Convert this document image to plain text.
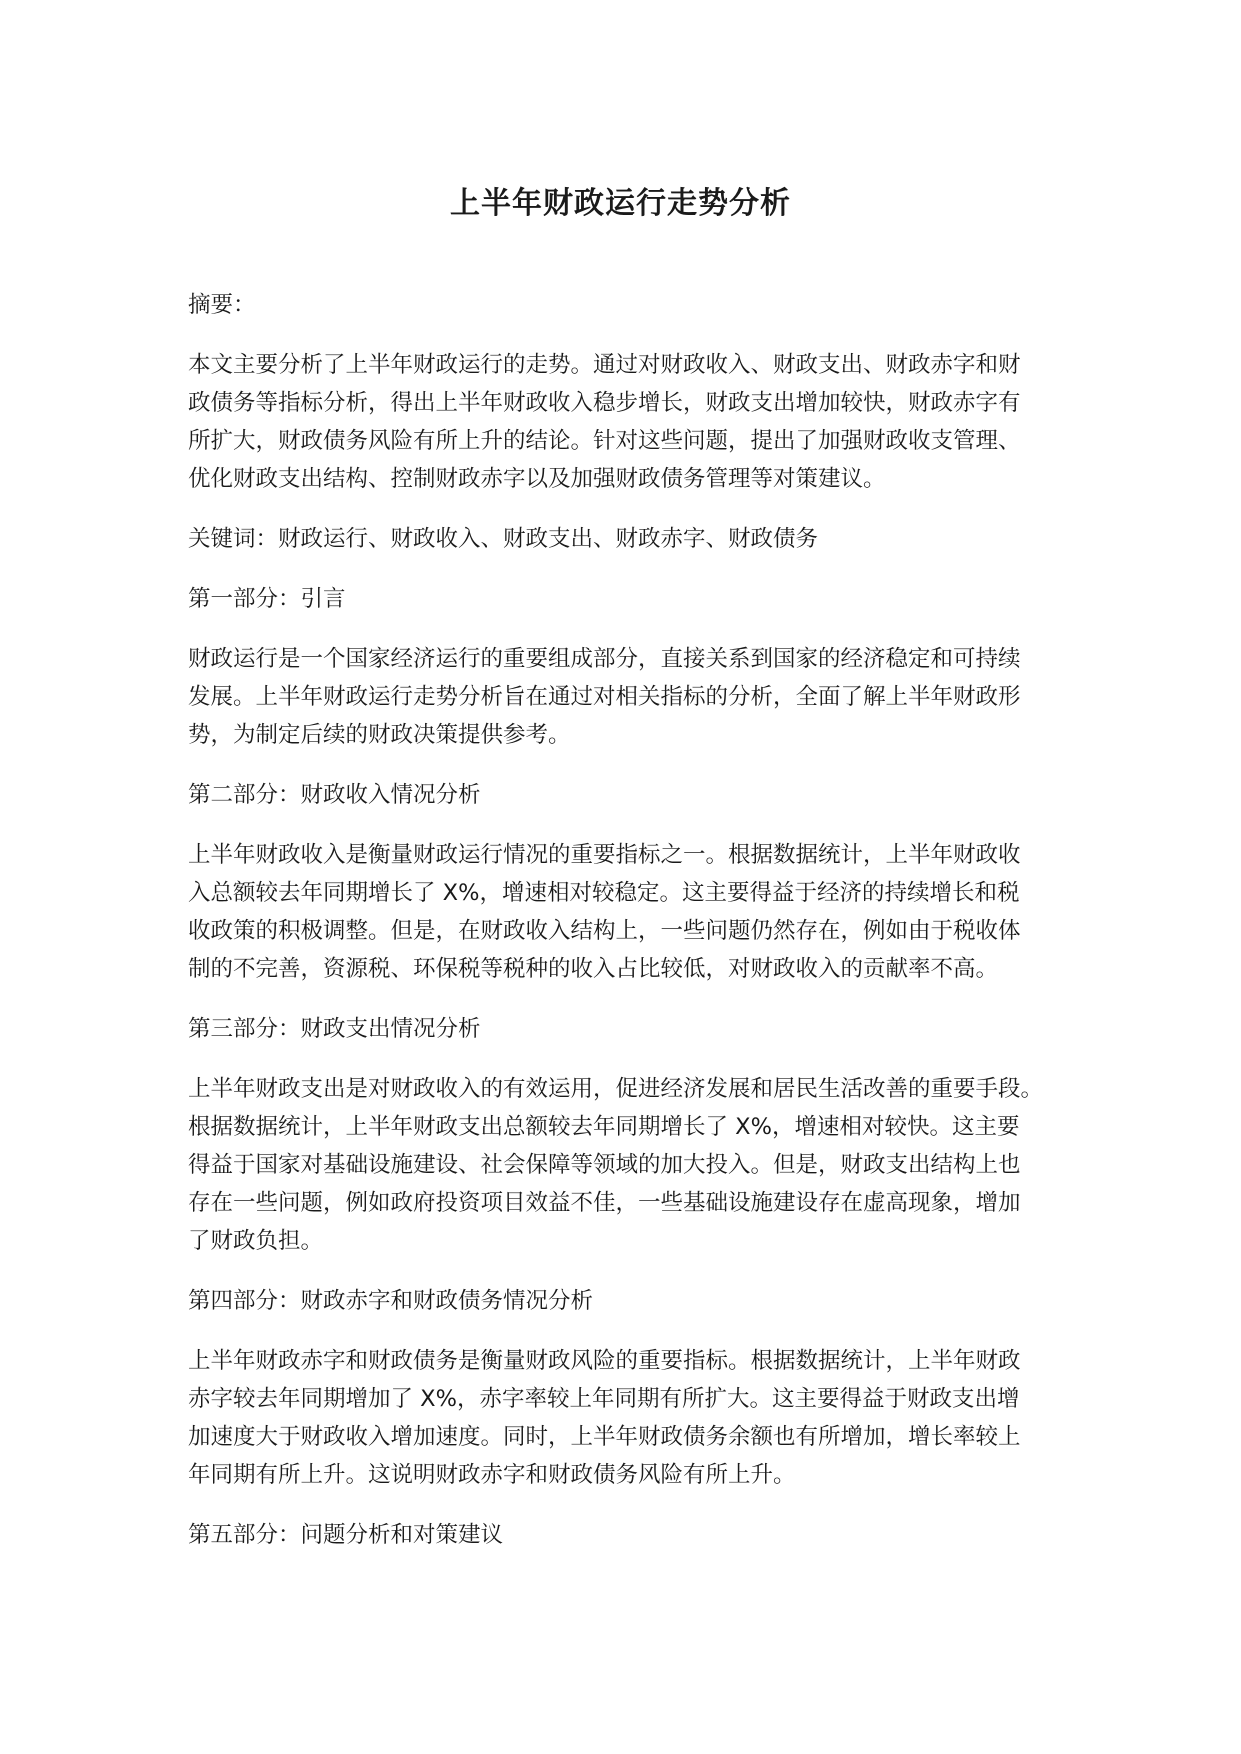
上半年财政运行走势分析

摘要：

本文主要分析了上半年财政运行的走势。通过对财政收入、财政支出、财政赤字和财
政债务等指标分析，得出上半年财政收入稳步增长，财政支出增加较快，财政赤字有
所扩大，财政债务风险有所上升的结论。针对这些问题，提出了加强财政收支管理、
优化财政支出结构、控制财政赤字以及加强财政债务管理等对策建议。

关键词：财政运行、财政收入、财政支出、财政赤字、财政债务

第一部分：引言

财政运行是一个国家经济运行的重要组成部分，直接关系到国家的经济稳定和可持续
发展。上半年财政运行走势分析旨在通过对相关指标的分析，全面了解上半年财政形
势，为制定后续的财政决策提供参考。

第二部分：财政收入情况分析

上半年财政收入是衡量财政运行情况的重要指标之一。根据数据统计，上半年财政收
入总额较去年同期增长了 X%，增速相对较稳定。这主要得益于经济的持续增长和税
收政策的积极调整。但是，在财政收入结构上，一些问题仍然存在，例如由于税收体
制的不完善，资源税、环保税等税种的收入占比较低，对财政收入的贡献率不高。

第三部分：财政支出情况分析

上半年财政支出是对财政收入的有效运用，促进经济发展和居民生活改善的重要手段。
根据数据统计，上半年财政支出总额较去年同期增长了 X%，增速相对较快。这主要
得益于国家对基础设施建设、社会保障等领域的加大投入。但是，财政支出结构上也
存在一些问题，例如政府投资项目效益不佳，一些基础设施建设存在虚高现象，增加
了财政负担。

第四部分：财政赤字和财政债务情况分析

上半年财政赤字和财政债务是衡量财政风险的重要指标。根据数据统计，上半年财政
赤字较去年同期增加了 X%，赤字率较上年同期有所扩大。这主要得益于财政支出增
加速度大于财政收入增加速度。同时，上半年财政债务余额也有所增加，增长率较上
年同期有所上升。这说明财政赤字和财政债务风险有所上升。

第五部分：问题分析和对策建议
